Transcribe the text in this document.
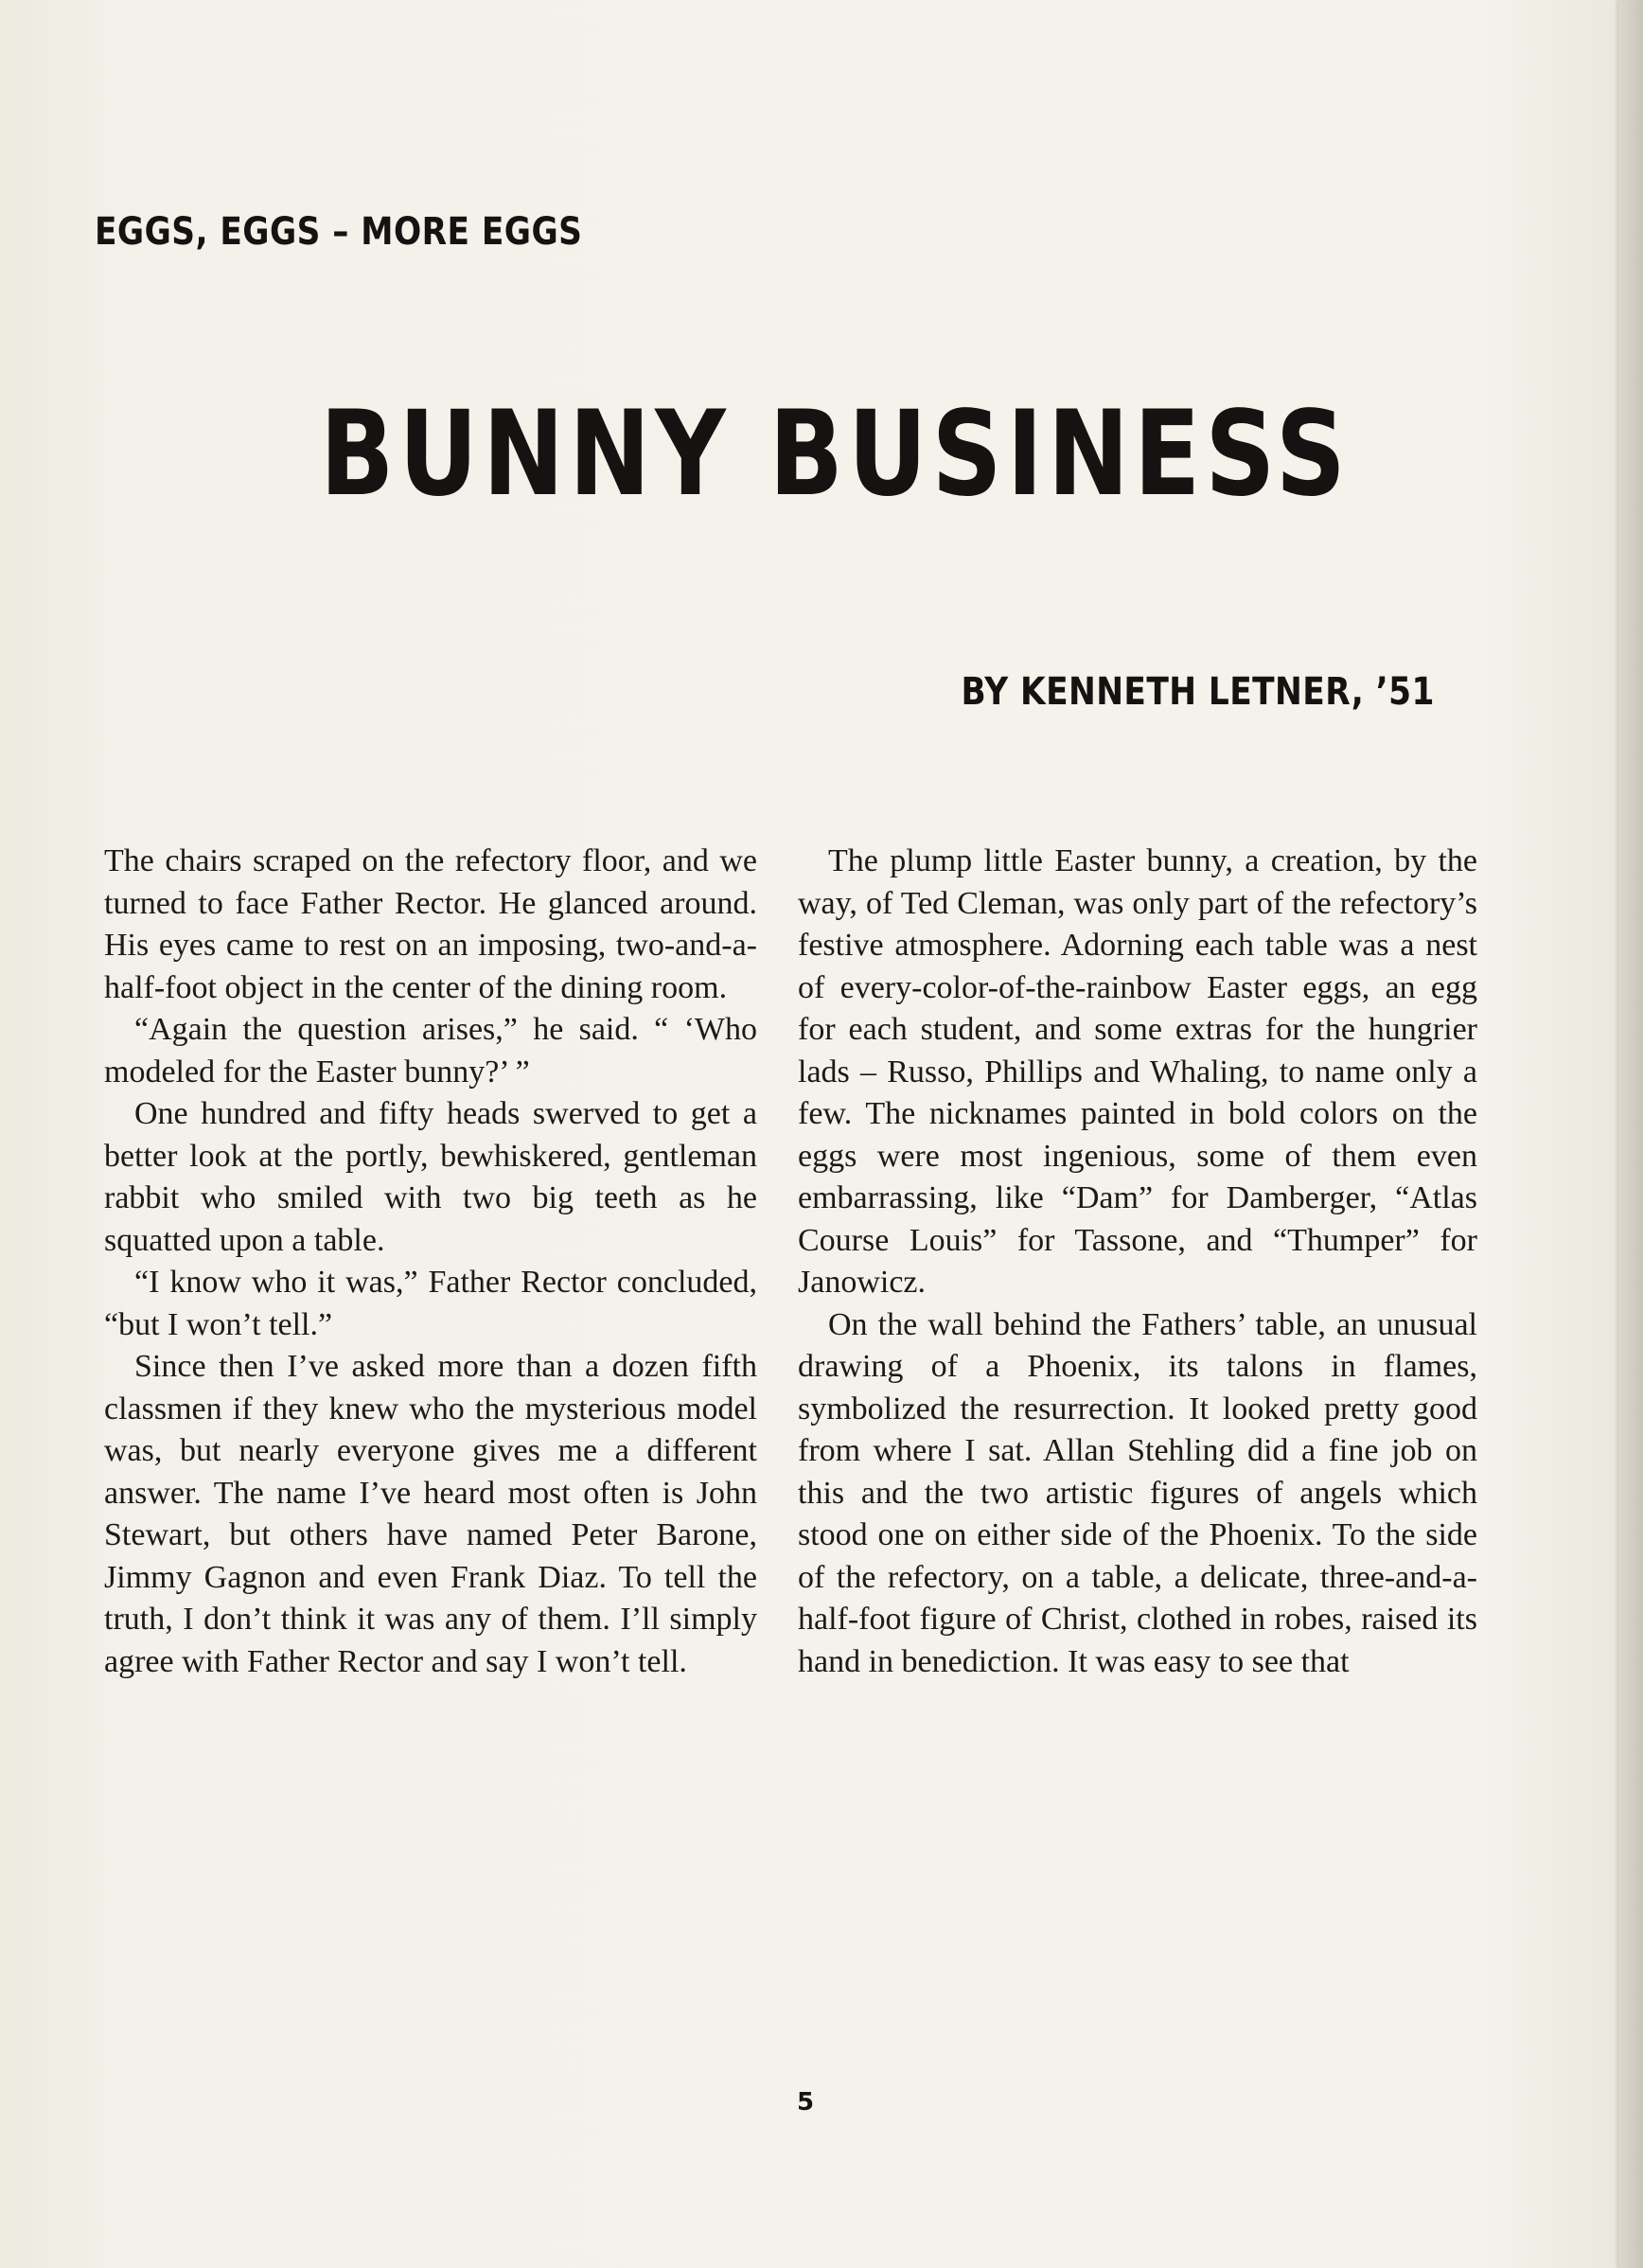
EGGS, EGGS – MORE EGGS
BUNNY BUSINESS
BY KENNETH LETNER, ’51

The chairs scraped on the refectory floor, and we turned to face Father Rector. He glanced around. His eyes came to rest on an imposing, two-and-a-half-foot object in the center of the dining room.

“Again the question arises,” he said. “ ‘Who modeled for the Easter bunny?’ ”

One hundred and fifty heads swerved to get a better look at the portly, bewhiskered, gentleman rabbit who smiled with two big teeth as he squatted upon a table.

“I know who it was,” Father Rector concluded, “but I won’t tell.”

Since then I’ve asked more than a dozen fifth classmen if they knew who the mysterious model was, but nearly everyone gives me a different answer. The name I’ve heard most often is John Stewart, but others have named Peter Barone, Jimmy Gagnon and even Frank Diaz. To tell the truth, I don’t think it was any of them. I’ll simply agree with Father Rector and say I won’t tell.

The plump little Easter bunny, a creation, by the way, of Ted Cleman, was only part of the refectory’s festive atmosphere. Adorning each table was a nest of every-color-of-the-rainbow Easter eggs, an egg for each student, and some extras for the hungrier lads – Russo, Phillips and Whaling, to name only a few. The nicknames painted in bold colors on the eggs were most ingenious, some of them even embarrassing, like “Dam” for Damberger, “Atlas Course Louis” for Tassone, and “Thumper” for Janowicz.

On the wall behind the Fathers’ table, an unusual drawing of a Phoenix, its talons in flames, symbolized the resurrection. It looked pretty good from where I sat. Allan Stehling did a fine job on this and the two artistic figures of angels which stood one on either side of the Phoenix. To the side of the refectory, on a table, a delicate, three-and-a-half-foot figure of Christ, clothed in robes, raised its hand in benediction. It was easy to see that

5
